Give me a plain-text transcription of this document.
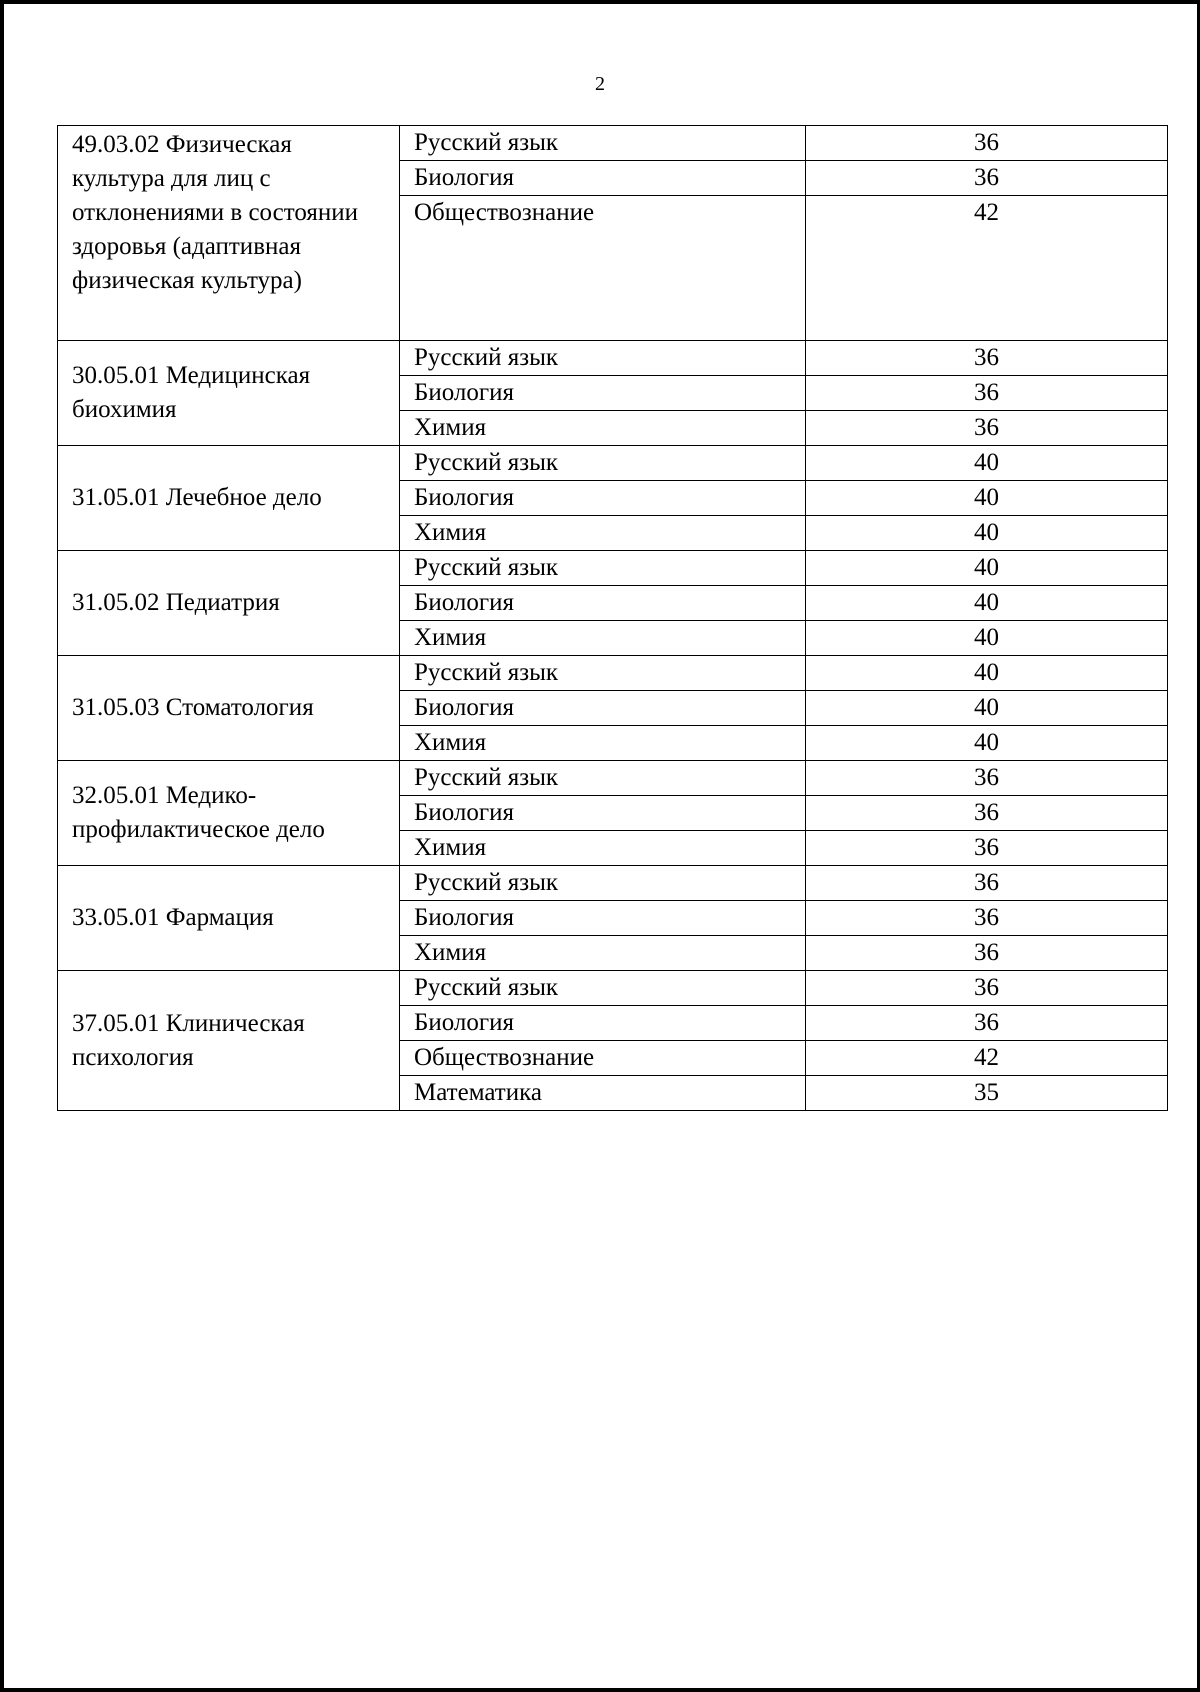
2
49.03.02 Физическая культура для лиц с отклонениями в состоянии здоровья (адаптивная физическая культура)	Русский язык	36
	Биология	36
	Обществознание	42
30.05.01 Медицинская биохимия	Русский язык	36
	Биология	36
	Химия	36
31.05.01 Лечебное дело	Русский язык	40
	Биология	40
	Химия	40
31.05.02 Педиатрия	Русский язык	40
	Биология	40
	Химия	40
31.05.03 Стоматология	Русский язык	40
	Биология	40
	Химия	40
32.05.01 Медико-профилактическое дело	Русский язык	36
	Биология	36
	Химия	36
33.05.01 Фармация	Русский язык	36
	Биология	36
	Химия	36
37.05.01 Клиническая психология	Русский язык	36
	Биология	36
	Обществознание	42
	Математика	35
